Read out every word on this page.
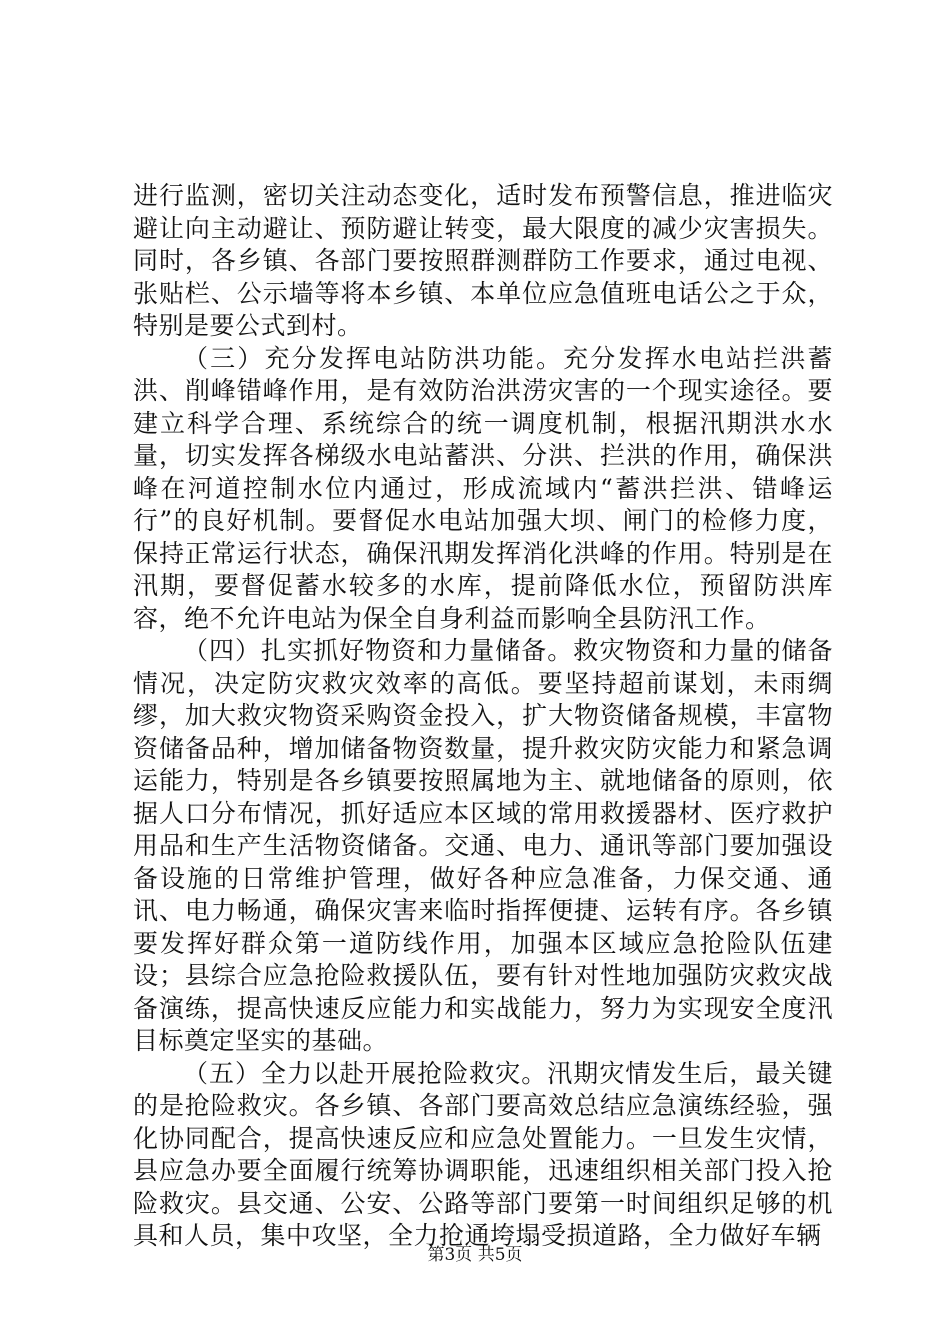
进行监测，密切关注动态变化，适时发布预警信息，推进临灾避让向主动避让、预防避让转变，最大限度的减少灾害损失。同时，各乡镇、各部门要按照群测群防工作要求，通过电视、张贴栏、公示墙等将本乡镇、本单位应急值班电话公之于众，特别是要公式到村。

（三）充分发挥电站防洪功能。充分发挥水电站拦洪蓄洪、削峰错峰作用，是有效防治洪涝灾害的一个现实途径。要建立科学合理、系统综合的统一调度机制，根据汛期洪水水量，切实发挥各梯级水电站蓄洪、分洪、拦洪的作用，确保洪峰在河道控制水位内通过，形成流域内“蓄洪拦洪、错峰运行”的良好机制。要督促水电站加强大坝、闸门的检修力度，保持正常运行状态，确保汛期发挥消化洪峰的作用。特别是在汛期，要督促蓄水较多的水库，提前降低水位，预留防洪库容，绝不允许电站为保全自身利益而影响全县防汛工作。

（四）扎实抓好物资和力量储备。救灾物资和力量的储备情况，决定防灾救灾效率的高低。要坚持超前谋划，未雨绸缪，加大救灾物资采购资金投入，扩大物资储备规模，丰富物资储备品种，增加储备物资数量，提升救灾防灾能力和紧急调运能力，特别是各乡镇要按照属地为主、就地储备的原则，依据人口分布情况，抓好适应本区域的常用救援器材、医疗救护用品和生产生活物资储备。交通、电力、通讯等部门要加强设备设施的日常维护管理，做好各种应急准备，力保交通、通讯、电力畅通，确保灾害来临时指挥便捷、运转有序。各乡镇要发挥好群众第一道防线作用，加强本区域应急抢险队伍建设；县综合应急抢险救援队伍，要有针对性地加强防灾救灾战备演练，提高快速反应能力和实战能力，努力为实现安全度汛目标奠定坚实的基础。

（五）全力以赴开展抢险救灾。汛期灾情发生后，最关键的是抢险救灾。各乡镇、各部门要高效总结应急演练经验，强化协同配合，提高快速反应和应急处置能力。一旦发生灾情，县应急办要全面履行统筹协调职能，迅速组织相关部门投入抢险救灾。县交通、公安、公路等部门要第一时间组织足够的机具和人员，集中攻坚，全力抢通垮塌受损道路，全力做好车辆

第3页 共5页
